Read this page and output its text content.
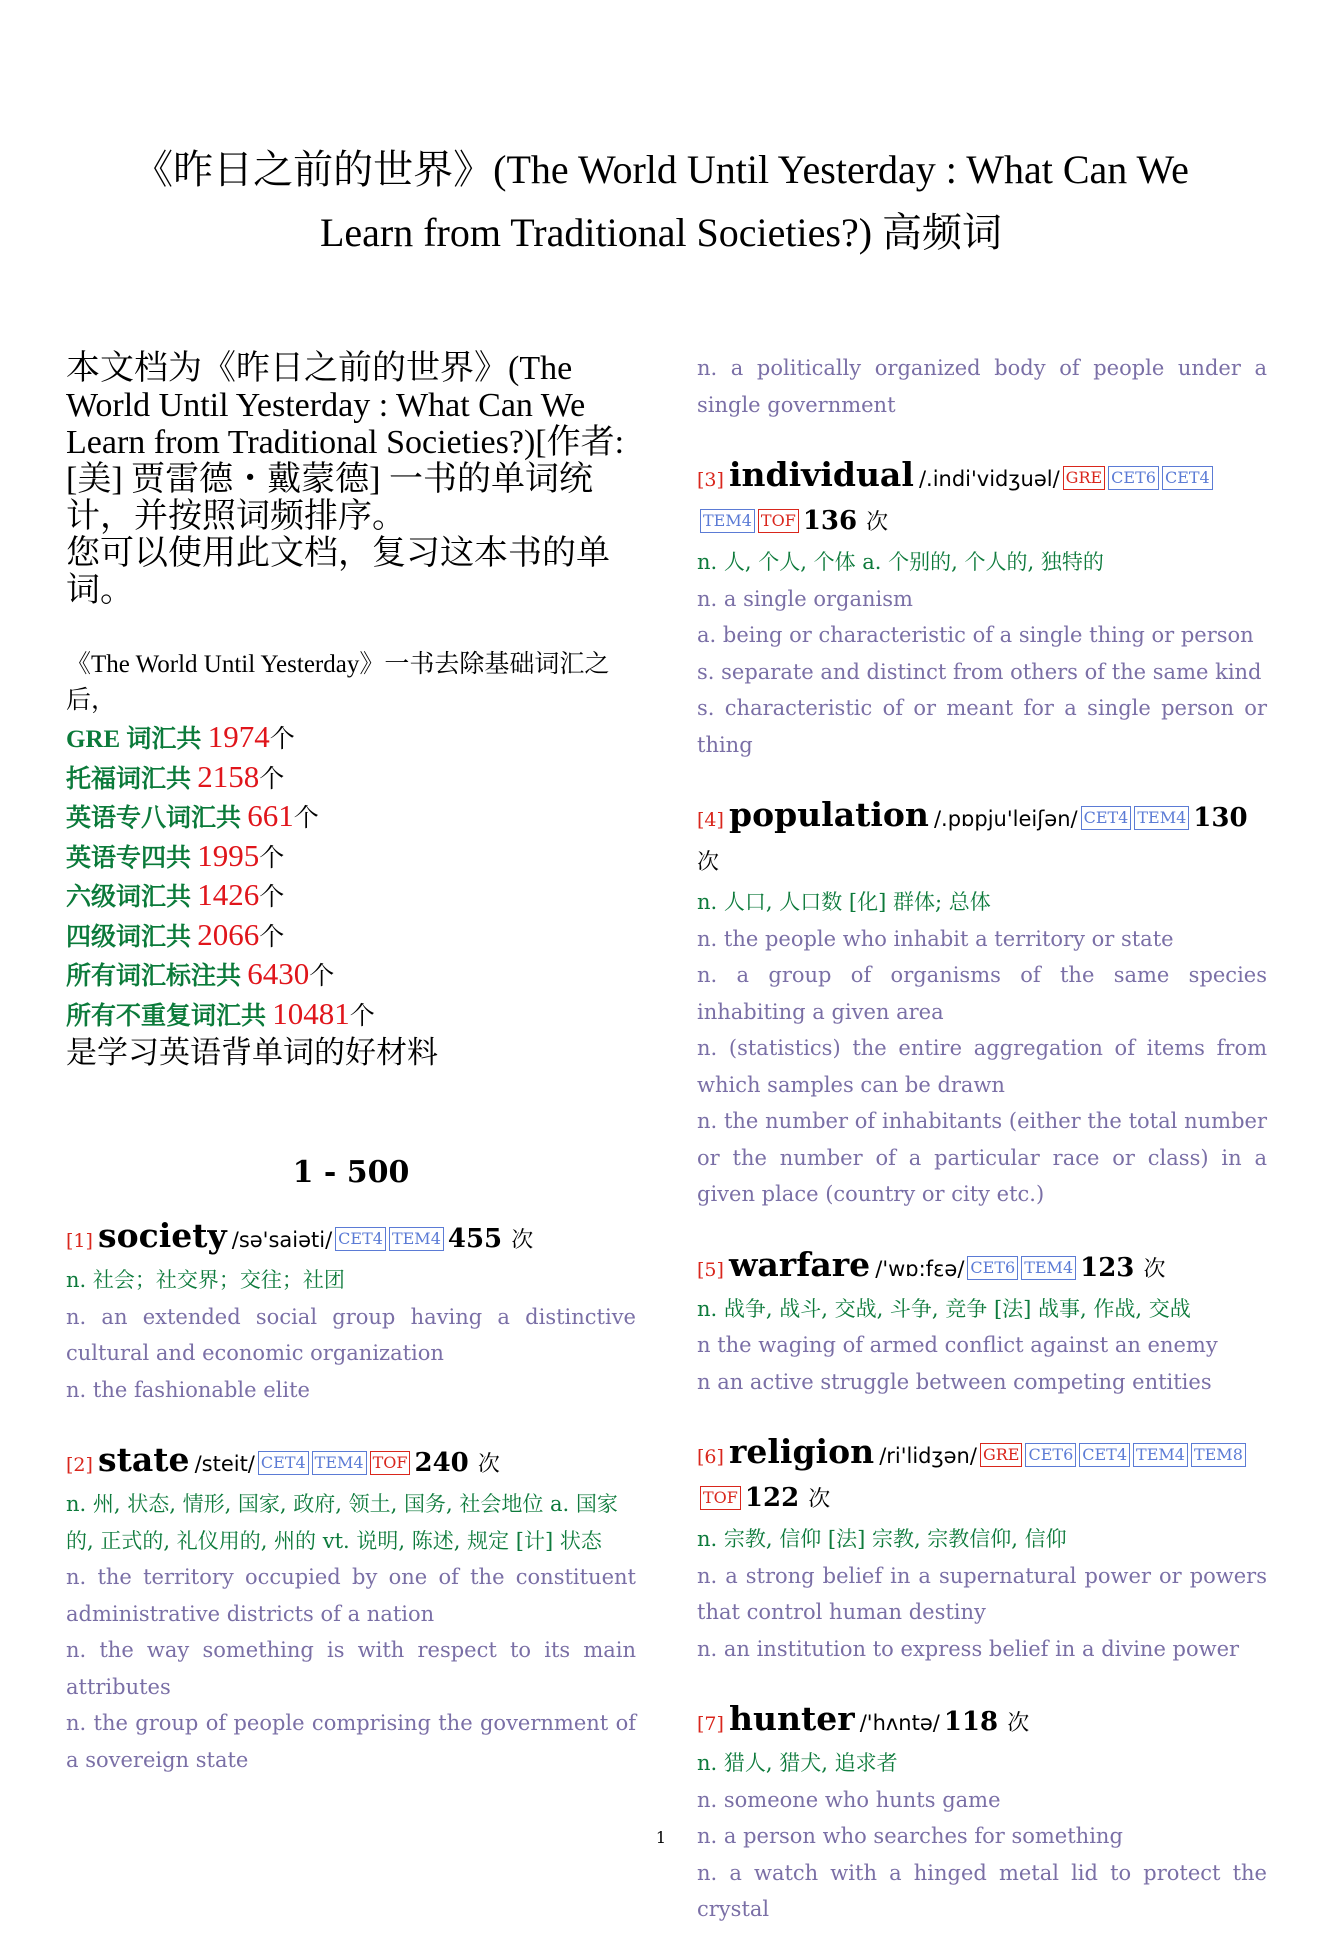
《昨日之前的世界》(The World Until Yesterday : What Can We
Learn from Traditional Societies?) 高频词

本文档为《昨日之前的世界》(The World Until Yesterday : What Can We Learn from Traditional Societies?)[作者: [美] 贾雷德・戴蒙德] 一书的单词统计，并按照词频排序。

您可以使用此文档，复习这本书的单词。

《The World Until Yesterday》一书去除基础词汇之后，
GRE 词汇共 1974个
托福词汇共 2158个
英语专八词汇共 661个
英语专四共 1995个
六级词汇共 1426个
四级词汇共 2066个
所有词汇标注共 6430个
所有不重复词汇共 10481个
是学习英语背单词的好材料
1 - 500
[1] society /sə'saiəti/ CET4 TEM4 455 次
n. 社会；社交界；交往；社团
n. an extended social group having a distinctive cultural and economic organization
n. the fashionable elite
[2] state /steit/ CET4 TEM4 TOF 240 次
n. 州, 状态, 情形, 国家, 政府, 领土, 国务, 社会地位 a. 国家的, 正式的, 礼仪用的, 州的 vt. 说明, 陈述, 规定 [计] 状态
n. the territory occupied by one of the constituent administrative districts of a nation
n. the way something is with respect to its main attributes
n. the group of people comprising the government of a sovereign state
n. a politically organized body of people under a single government
[3] individual /.indi'vidʒuəl/ GRE CET6 CET4TEM4 TOF 136 次
n. 人, 个人, 个体 a. 个别的, 个人的, 独特的
n. a single organism
a. being or characteristic of a single thing or person
s. separate and distinct from others of the same kind
s. characteristic of or meant for a single person or thing
[4] population /.pɒpju'leiʃən/ CET4 TEM4 130 次
n. 人口, 人口数 [化] 群体; 总体
n. the people who inhabit a territory or state
n. a group of organisms of the same species inhabiting a given area
n. (statistics) the entire aggregation of items from which samples can be drawn
n. the number of inhabitants (either the total number or the number of a particular race or class) in a given place (country or city etc.)
[5] warfare /'wɒ:fεə/ CET6 TEM4 123 次
n. 战争, 战斗, 交战, 斗争, 竞争 [法] 战事, 作战, 交战
n the waging of armed conflict against an enemy
n an active struggle between competing entities
[6] religion /ri'lidʒən/ GRE CET6 CET4 TEM4 TEM8TOF 122 次
n. 宗教, 信仰 [法] 宗教, 宗教信仰, 信仰
n. a strong belief in a supernatural power or powers that control human destiny
n. an institution to express belief in a divine power
[7] hunter /'hʌntə/ 118 次
n. 猎人, 猎犬, 追求者
n. someone who hunts game
n. a person who searches for something
n. a watch with a hinged metal lid to protect the crystal
1
